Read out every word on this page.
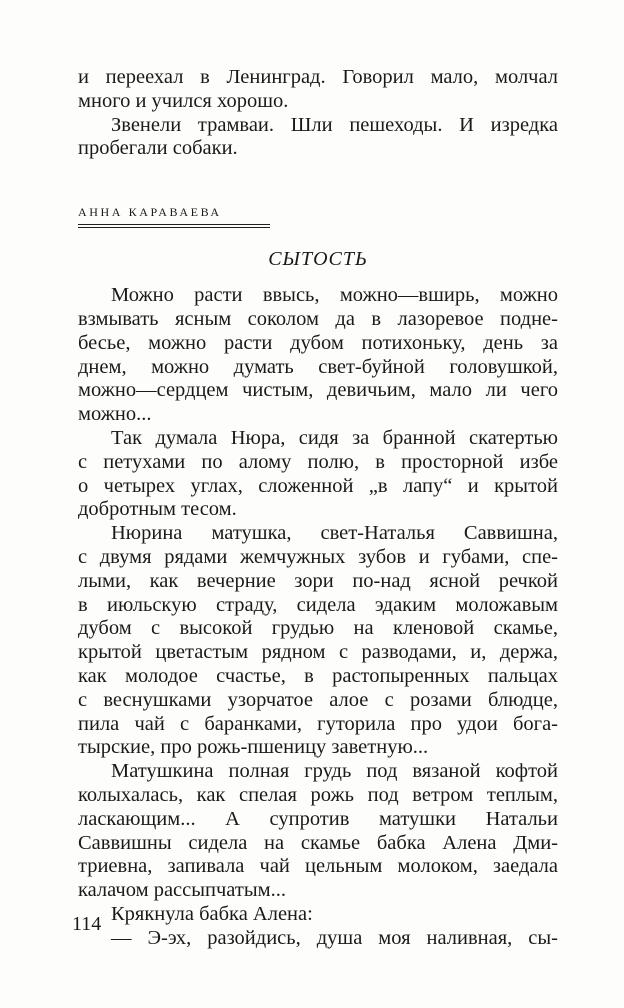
и переехал в Ленинград. Говорил мало, молчал
много и учился хорошо.
Звенели трамваи. Шли пешеходы. И изредка
пробегали собаки.
АННА КАРАВАЕВА
СЫТОСТЬ
Можно расти ввысь, можно—вширь, можно
взмывать ясным соколом да в лазоревое подне-
бесье, можно расти дубом потихоньку, день за
днем, можно думать свет-буйной головушкой,
можно—сердцем чистым, девичьим, мало ли чего
можно...
Так думала Нюра, сидя за бранной скатертью
с петухами по алому полю, в просторной избе
о четырех углах, сложенной „в лапу“ и крытой
добротным тесом.
Нюрина матушка, свет-Наталья Саввишна,
с двумя рядами жемчужных зубов и губами, спе-
лыми, как вечерние зори по-над ясной речкой
в июльскую страду, сидела эдаким моложавым
дубом с высокой грудью на кленовой скамье,
крытой цветастым рядном с разводами, и, держа,
как молодое счастье, в растопыренных пальцах
с веснушками узорчатое алое с розами блюдце,
пила чай с баранками, гуторила про удои бога-
тырские, про рожь-пшеницу заветную...
Матушкина полная грудь под вязаной кофтой
колыхалась, как спелая рожь под ветром теплым,
ласкающим... А супротив матушки Натальи
Саввишны сидела на скамье бабка Алена Дми-
триевна, запивала чай цельным молоком, заедала
калачом рассыпчатым...
Крякнула бабка Алена:
— Э-эх, разойдись, душа моя наливная, сы-
114
